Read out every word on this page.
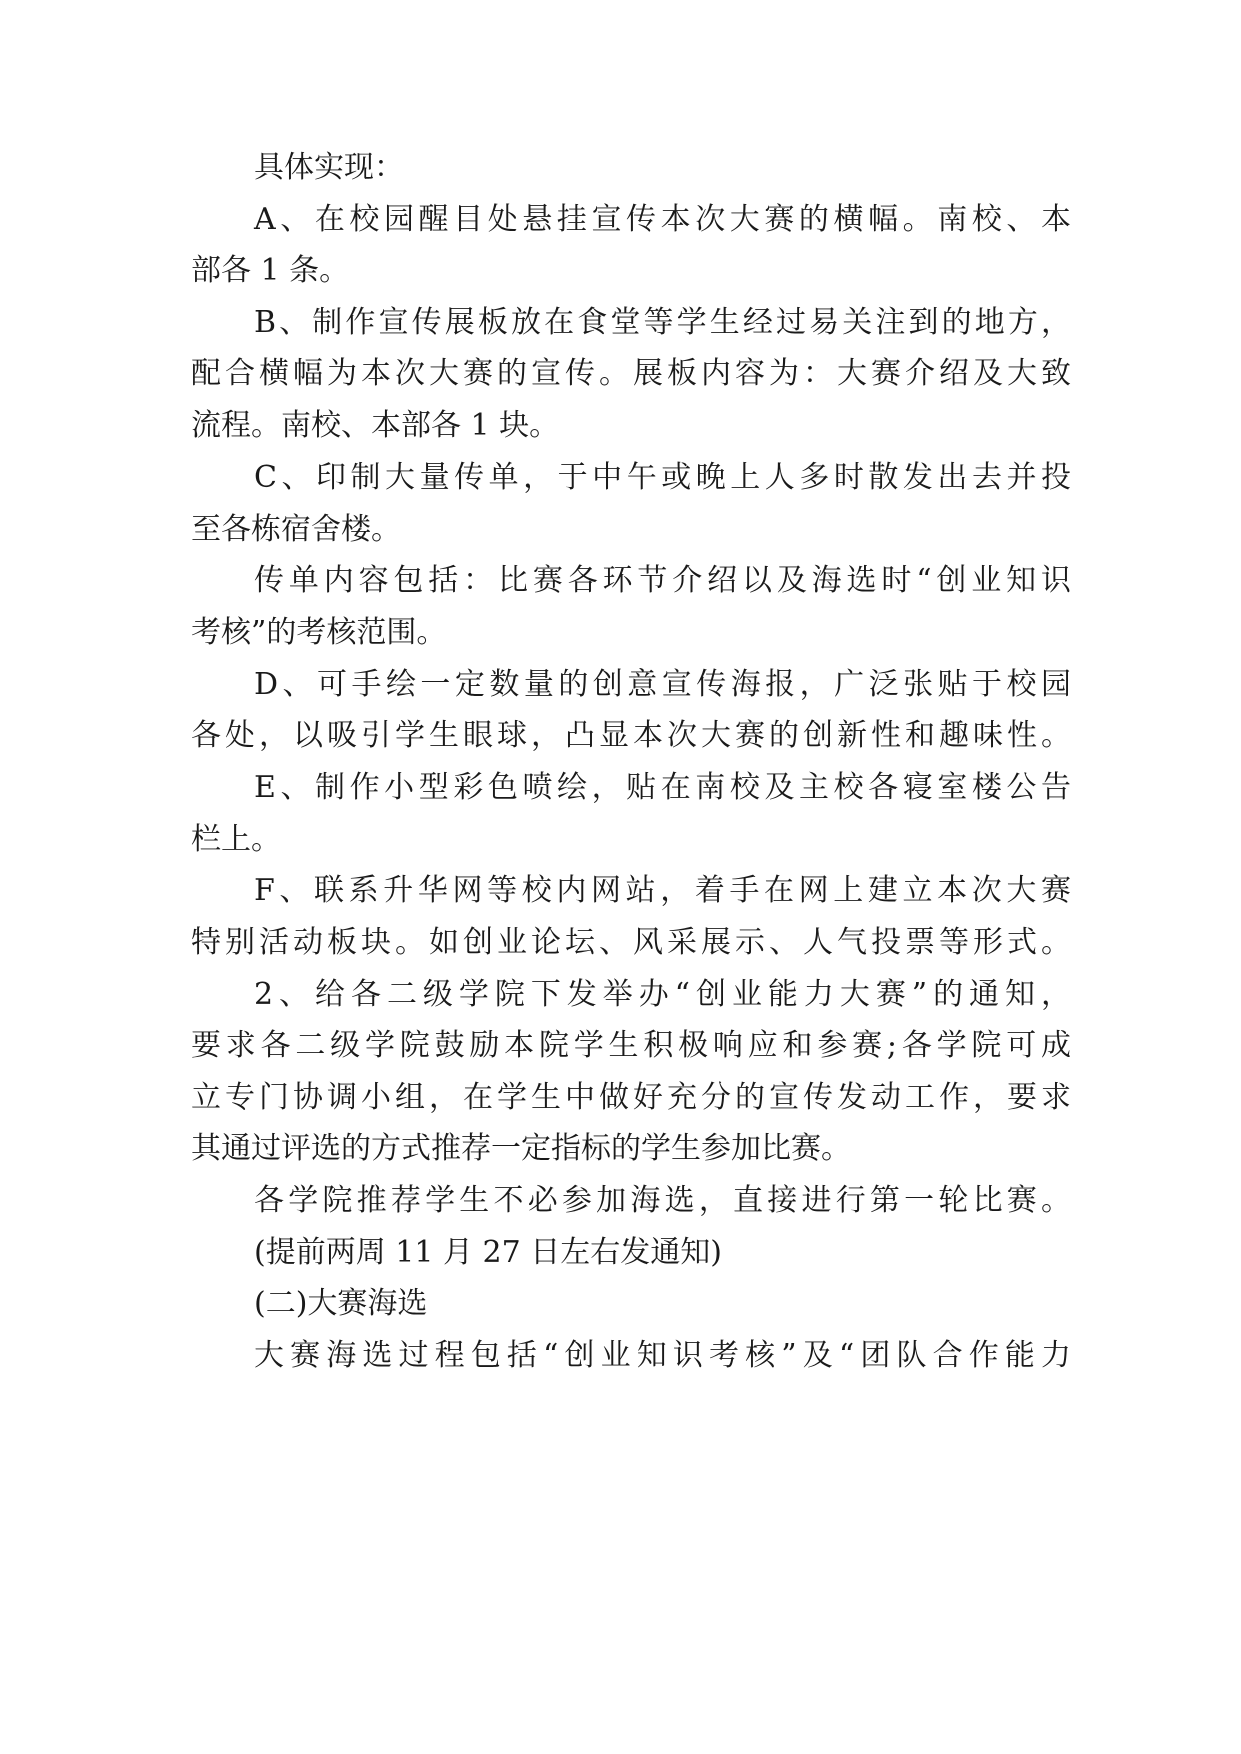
具体实现：
A、在校园醒目处悬挂宣传本次大赛的横幅。南校、本
部各 1 条。
B、制作宣传展板放在食堂等学生经过易关注到的地方，
配合横幅为本次大赛的宣传。展板内容为：大赛介绍及大致
流程。南校、本部各 1 块。
C、印制大量传单，于中午或晚上人多时散发出去并投
至各栋宿舍楼。
传单内容包括：比赛各环节介绍以及海选时“创业知识
考核”的考核范围。
D、可手绘一定数量的创意宣传海报，广泛张贴于校园
各处，以吸引学生眼球，凸显本次大赛的创新性和趣味性。
E、制作小型彩色喷绘，贴在南校及主校各寝室楼公告
栏上。
F、联系升华网等校内网站，着手在网上建立本次大赛
特别活动板块。如创业论坛、风采展示、人气投票等形式。
2、给各二级学院下发举办“创业能力大赛”的通知，
要求各二级学院鼓励本院学生积极响应和参赛;各学院可成
立专门协调小组，在学生中做好充分的宣传发动工作，要求
其通过评选的方式推荐一定指标的学生参加比赛。
各学院推荐学生不必参加海选，直接进行第一轮比赛。
(提前两周 11 月 27 日左右发通知)
(二)大赛海选
大赛海选过程包括“创业知识考核”及“团队合作能力
